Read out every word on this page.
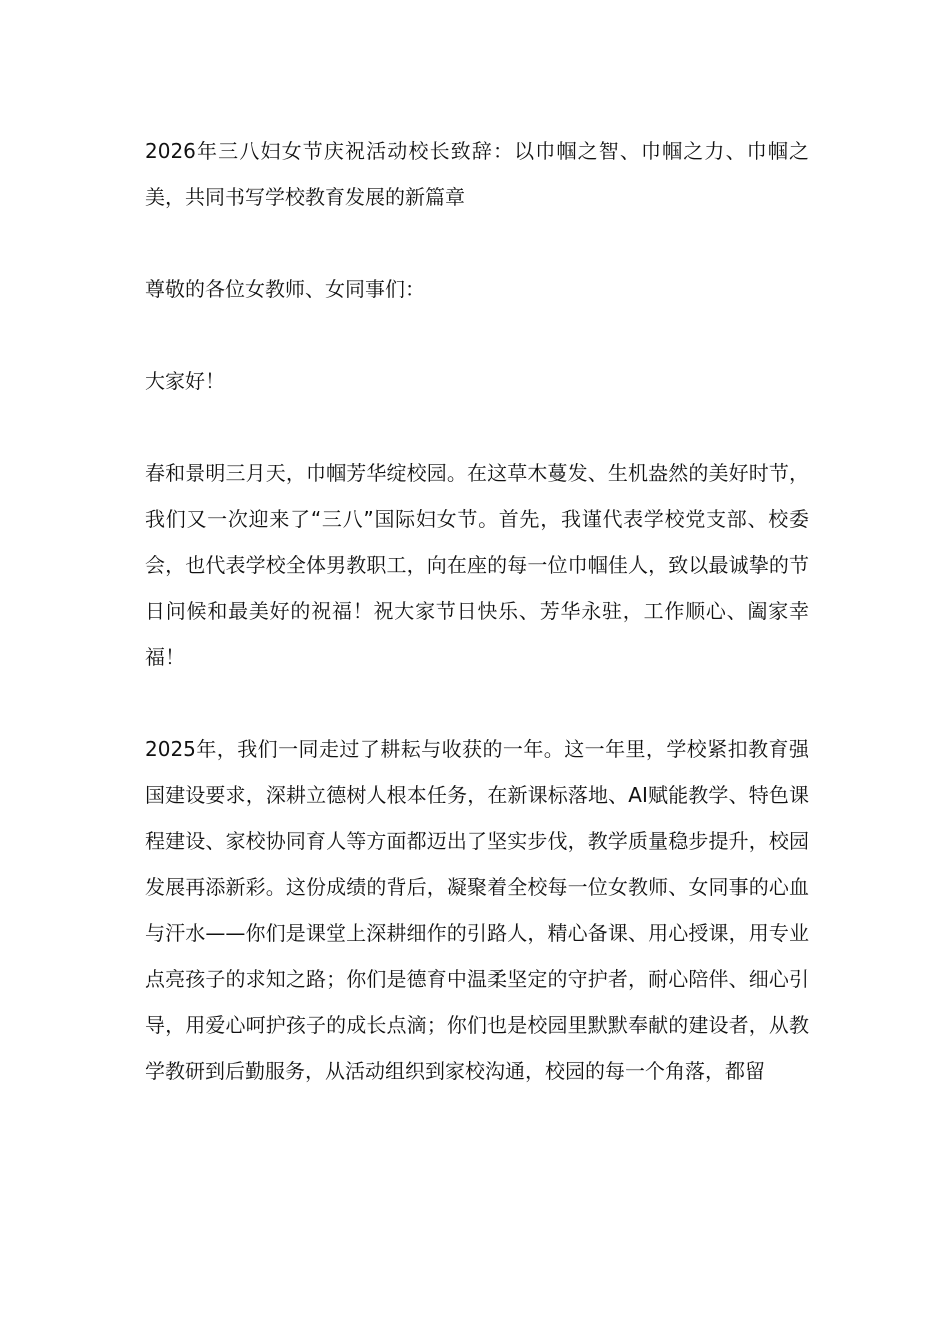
2026年三八妇女节庆祝活动校长致辞：以巾帼之智、巾帼之力、巾帼之美，共同书写学校教育发展的新篇章

尊敬的各位女教师、女同事们：

大家好！

春和景明三月天，巾帼芳华绽校园。在这草木蔓发、生机盎然的美好时节，我们又一次迎来了“三八”国际妇女节。首先，我谨代表学校党支部、校委会，也代表学校全体男教职工，向在座的每一位巾帼佳人，致以最诚挚的节日问候和最美好的祝福！祝大家节日快乐、芳华永驻，工作顺心、阖家幸福！

2025年，我们一同走过了耕耘与收获的一年。这一年里，学校紧扣教育强国建设要求，深耕立德树人根本任务，在新课标落地、AI赋能教学、特色课程建设、家校协同育人等方面都迈出了坚实步伐，教学质量稳步提升，校园发展再添新彩。这份成绩的背后，凝聚着全校每一位女教师、女同事的心血与汗水——你们是课堂上深耕细作的引路人，精心备课、用心授课，用专业点亮孩子的求知之路；你们是德育中温柔坚定的守护者，耐心陪伴、细心引导，用爱心呵护孩子的成长点滴；你们也是校园里默默奉献的建设者，从教学教研到后勤服务，从活动组织到家校沟通，校园的每一个角落，都留
